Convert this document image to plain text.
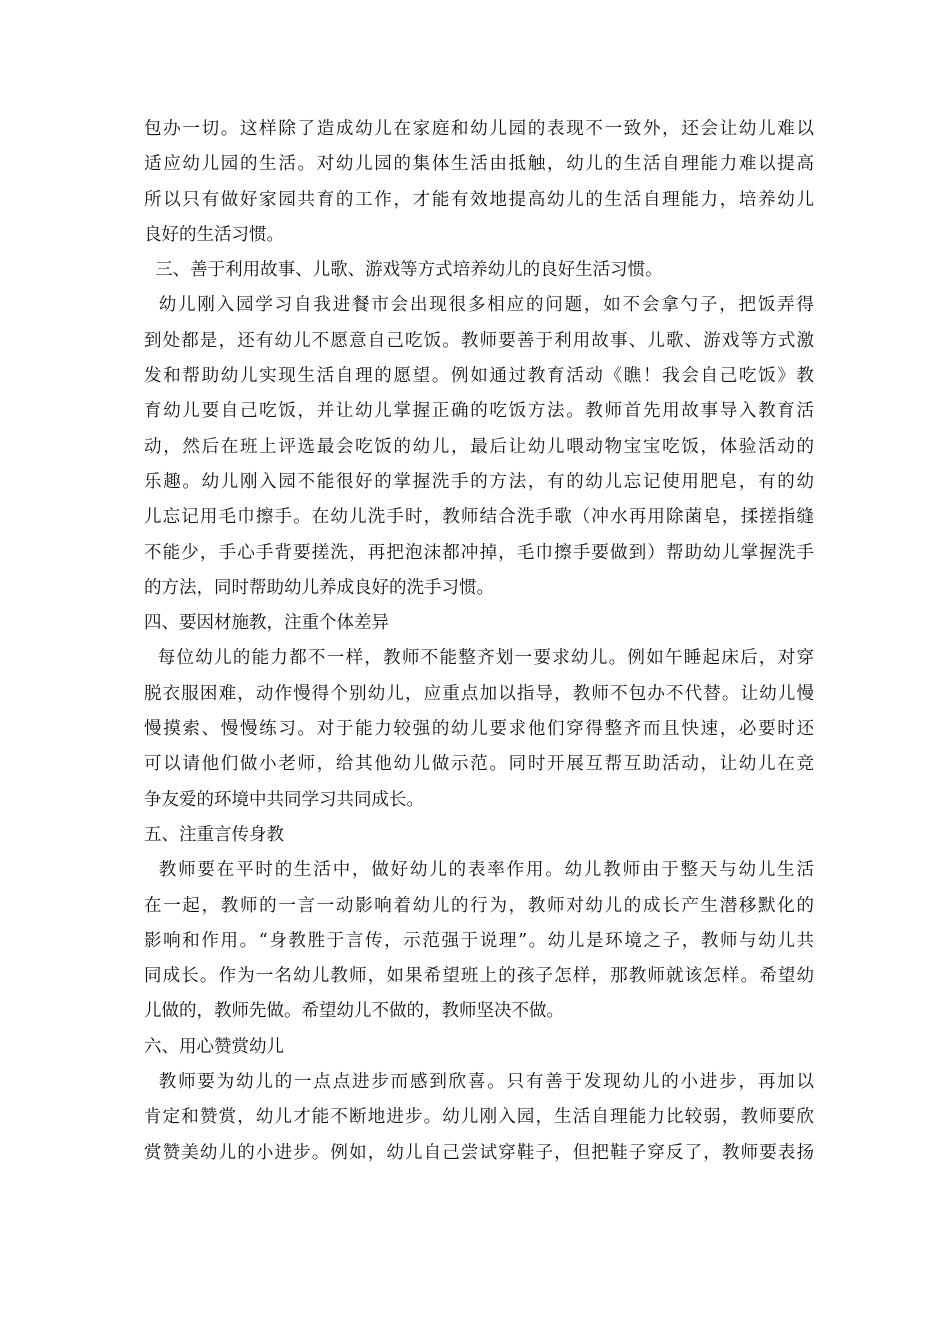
包办一切。这样除了造成幼儿在家庭和幼儿园的表现不一致外，还会让幼儿难以
适应幼儿园的生活。对幼儿园的集体生活由抵触，幼儿的生活自理能力难以提高
所以只有做好家园共育的工作，才能有效地提高幼儿的生活自理能力，培养幼儿
良好的生活习惯。
三、善于利用故事、儿歌、游戏等方式培养幼儿的良好生活习惯。
幼儿刚入园学习自我进餐市会出现很多相应的问题，如不会拿勺子，把饭弄得
到处都是，还有幼儿不愿意自己吃饭。教师要善于利用故事、儿歌、游戏等方式激
发和帮助幼儿实现生活自理的愿望。例如通过教育活动《瞧！我会自己吃饭》教
育幼儿要自己吃饭，并让幼儿掌握正确的吃饭方法。教师首先用故事导入教育活
动，然后在班上评选最会吃饭的幼儿，最后让幼儿喂动物宝宝吃饭，体验活动的
乐趣。幼儿刚入园不能很好的掌握洗手的方法，有的幼儿忘记使用肥皂，有的幼
儿忘记用毛巾擦手。在幼儿洗手时，教师结合洗手歌（冲水再用除菌皂，揉搓指缝
不能少，手心手背要搓洗，再把泡沫都冲掉，毛巾擦手要做到）帮助幼儿掌握洗手
的方法，同时帮助幼儿养成良好的洗手习惯。
四、要因材施教，注重个体差异
每位幼儿的能力都不一样，教师不能整齐划一要求幼儿。例如午睡起床后，对穿
脱衣服困难，动作慢得个别幼儿，应重点加以指导，教师不包办不代替。让幼儿慢
慢摸索、慢慢练习。对于能力较强的幼儿要求他们穿得整齐而且快速，必要时还
可以请他们做小老师，给其他幼儿做示范。同时开展互帮互助活动，让幼儿在竞
争友爱的环境中共同学习共同成长。
五、注重言传身教
教师要在平时的生活中，做好幼儿的表率作用。幼儿教师由于整天与幼儿生活
在一起，教师的一言一动影响着幼儿的行为，教师对幼儿的成长产生潜移默化的
影响和作用。“身教胜于言传，示范强于说理”。幼儿是环境之子，教师与幼儿共
同成长。作为一名幼儿教师，如果希望班上的孩子怎样，那教师就该怎样。希望幼
儿做的，教师先做。希望幼儿不做的，教师坚决不做。
六、用心赞赏幼儿
教师要为幼儿的一点点进步而感到欣喜。只有善于发现幼儿的小进步，再加以
肯定和赞赏，幼儿才能不断地进步。幼儿刚入园，生活自理能力比较弱，教师要欣
赏赞美幼儿的小进步。例如，幼儿自己尝试穿鞋子，但把鞋子穿反了，教师要表扬
